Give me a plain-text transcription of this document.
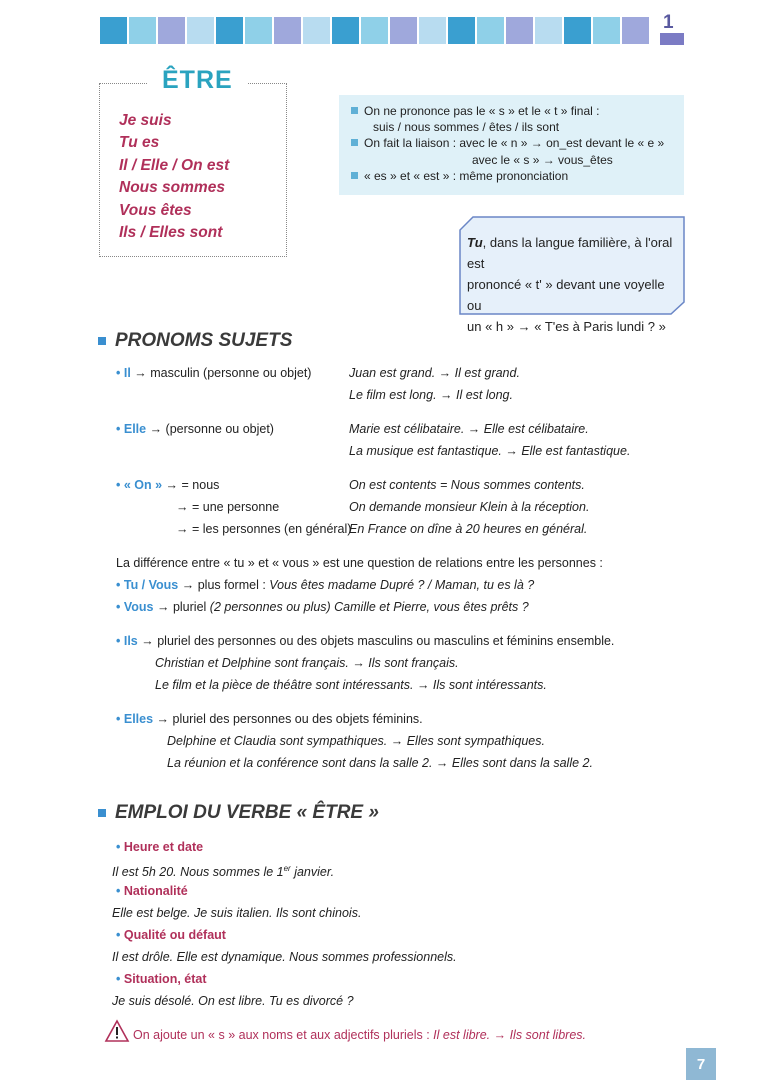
1
ÊTRE
Je suis
Tu es
Il / Elle / On est
Nous sommes
Vous êtes
Ils / Elles sont
On ne prononce pas le « s » et le « t » final :
suis / nous sommes / êtes / ils sont
On fait la liaison : avec le « n » → on_est devant le « e »
avec le « s » → vous_êtes
« es » et « est » : même prononciation
Tu, dans la langue familière, à l'oral est
prononcé « t' » devant une voyelle ou
un « h » → « T'es à Paris lundi ? »
PRONOMS SUJETS
• Il → masculin (personne ou objet)	Juan est grand. → Il est grand.
Le film est long. → Il est long.
• Elle → (personne ou objet)	Marie est célibataire. → Elle est célibataire.
La musique est fantastique. → Elle est fantastique.
• « On » → = nous
→ = une personne
→ = les personnes (en général)
On est contents = Nous sommes contents.
On demande monsieur Klein à la réception.
En France on dîne à 20 heures en général.
La différence entre « tu » et « vous » est une question de relations entre les personnes :
• Tu / Vous → plus formel : Vous êtes madame Dupré ? / Maman, tu es là ?
• Vous → pluriel (2 personnes ou plus) Camille et Pierre, vous êtes prêts ?
• Ils → pluriel des personnes ou des objets masculins ou masculins et féminins ensemble.
Christian et Delphine sont français. → Ils sont français.
Le film et la pièce de théâtre sont intéressants. → Ils sont intéressants.
• Elles → pluriel des personnes ou des objets féminins.
Delphine et Claudia sont sympathiques. → Elles sont sympathiques.
La réunion et la conférence sont dans la salle 2. → Elles sont dans la salle 2.
EMPLOI DU VERBE « ÊTRE »
• Heure et date
Il est 5h 20. Nous sommes le 1er janvier.
• Nationalité
Elle est belge. Je suis italien. Ils sont chinois.
• Qualité ou défaut
Il est drôle. Elle est dynamique. Nous sommes professionnels.
• Situation, état
Je suis désolé. On est libre. Tu es divorcé ?
On ajoute un « s » aux noms et aux adjectifs pluriels : Il est libre. → Ils sont libres.
7
